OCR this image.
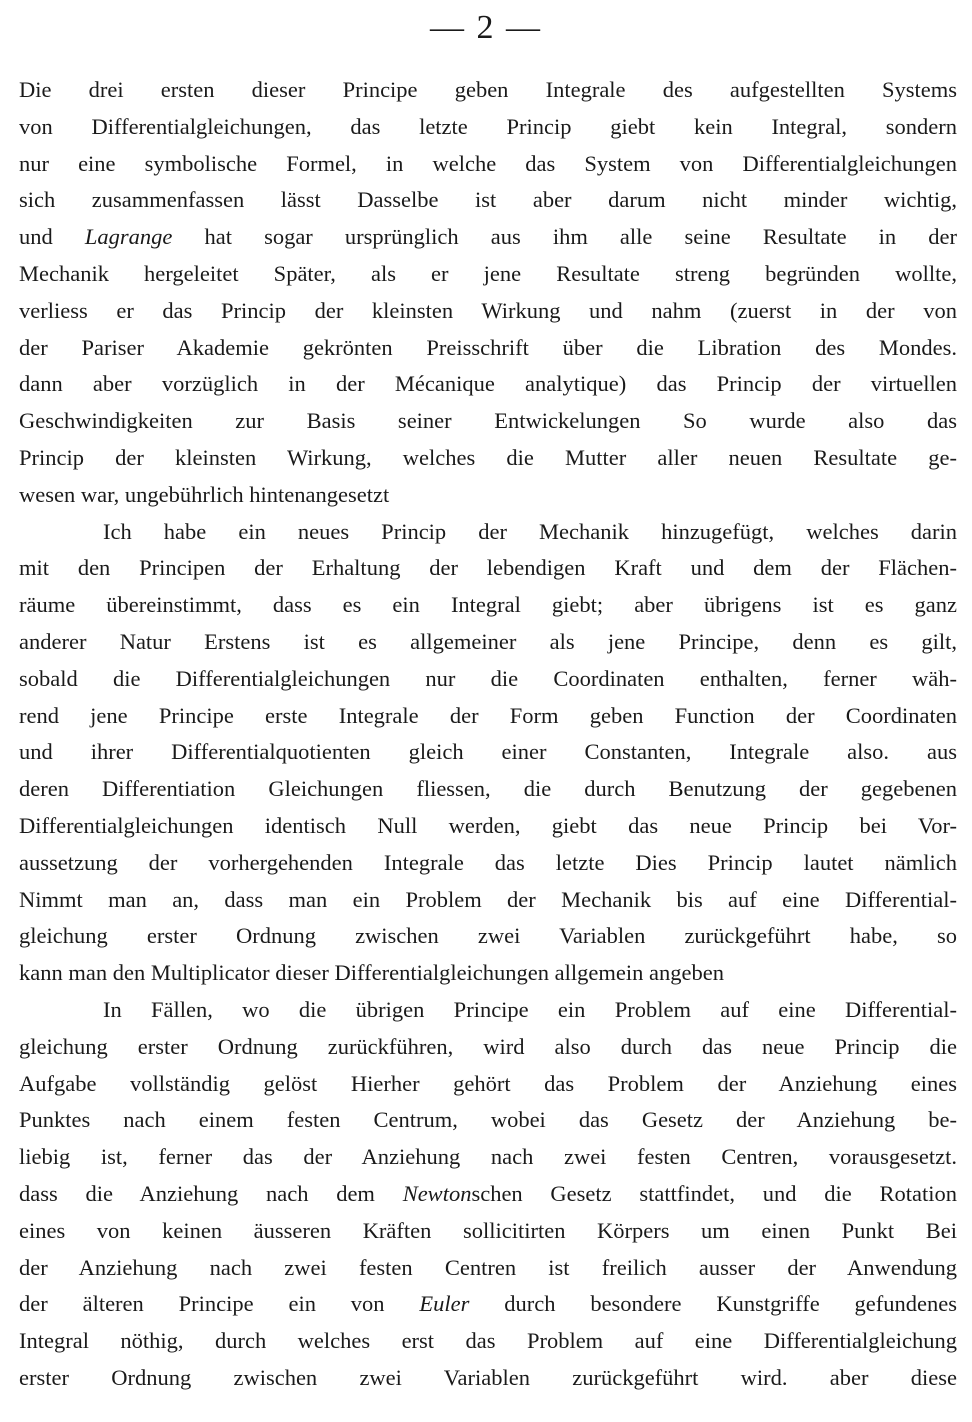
— 2 —
Die drei ersten dieser Principe geben Integrale des aufgestellten Systems
von Differentialgleichungen, das letzte Princip giebt kein Integral, sondern
nur eine symbolische Formel, in welche das System von Differentialgleichungen
sich zusammenfassen lässt Dasselbe ist aber darum nicht minder wichtig,
und Lagrange hat sogar ursprünglich aus ihm alle seine Resultate in der
Mechanik hergeleitet Später, als er jene Resultate streng begründen wollte,
verliess er das Princip der kleinsten Wirkung und nahm (zuerst in der von
der Pariser Akademie gekrönten Preisschrift über die Libration des Mondes.
dann aber vorzüglich in der Mécanique analytique) das Princip der virtuellen
Geschwindigkeiten zur Basis seiner Entwickelungen So wurde also das
Princip der kleinsten Wirkung, welches die Mutter aller neuen Resultate ge-
wesen war, ungebührlich hintenangesetzt
Ich habe ein neues Princip der Mechanik hinzugefügt, welches darin
mit den Principen der Erhaltung der lebendigen Kraft und dem der Flächen-
räume übereinstimmt, dass es ein Integral giebt; aber übrigens ist es ganz
anderer Natur Erstens ist es allgemeiner als jene Principe, denn es gilt,
sobald die Differentialgleichungen nur die Coordinaten enthalten, ferner wäh-
rend jene Principe erste Integrale der Form geben Function der Coordinaten
und ihrer Differentialquotienten gleich einer Constanten, Integrale also. aus
deren Differentiation Gleichungen fliessen, die durch Benutzung der gegebenen
Differentialgleichungen identisch Null werden, giebt das neue Princip bei Vor-
aussetzung der vorhergehenden Integrale das letzte Dies Princip lautet nämlich
Nimmt man an, dass man ein Problem der Mechanik bis auf eine Differential-
gleichung erster Ordnung zwischen zwei Variablen zurückgeführt habe, so
kann man den Multiplicator dieser Differentialgleichungen allgemein angeben
In Fällen, wo die übrigen Principe ein Problem auf eine Differential-
gleichung erster Ordnung zurückführen, wird also durch das neue Princip die
Aufgabe vollständig gelöst Hierher gehört das Problem der Anziehung eines
Punktes nach einem festen Centrum, wobei das Gesetz der Anziehung be-
liebig ist, ferner das der Anziehung nach zwei festen Centren, vorausgesetzt.
dass die Anziehung nach dem Newtonschen Gesetz stattfindet, und die Rotation
eines von keinen äusseren Kräften sollicitirten Körpers um einen Punkt Bei
der Anziehung nach zwei festen Centren ist freilich ausser der Anwendung
der älteren Principe ein von Euler durch besondere Kunstgriffe gefundenes
Integral nöthig, durch welches erst das Problem auf eine Differentialgleichung
erster Ordnung zwischen zwei Variablen zurückgeführt wird. aber diese
